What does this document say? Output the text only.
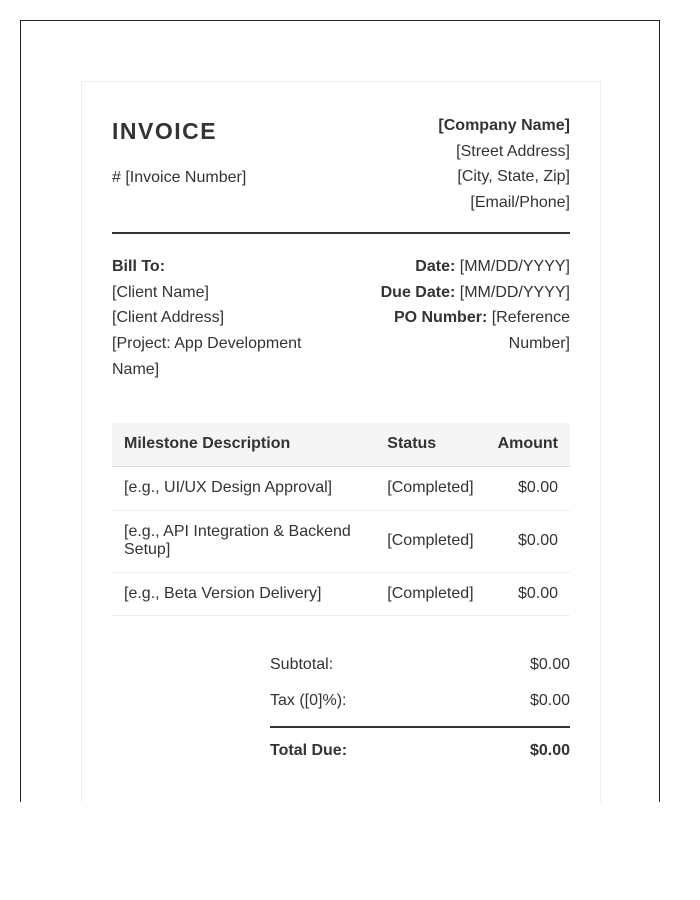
INVOICE
# [Invoice Number]
[Company Name]
[Street Address]
[City, State, Zip]
[Email/Phone]
Bill To:
[Client Name]
[Client Address]
[Project: App Development Name]
Date: [MM/DD/YYYY]
Due Date: [MM/DD/YYYY]
PO Number: [Reference Number]
Milestone Description	Status	Amount
[e.g., UI/UX Design Approval]	[Completed]	$0.00
[e.g., API Integration & Backend Setup]	[Completed]	$0.00
[e.g., Beta Version Delivery]	[Completed]	$0.00
Subtotal:	$0.00
Tax ([0]%):	$0.00
Total Due:	$0.00
